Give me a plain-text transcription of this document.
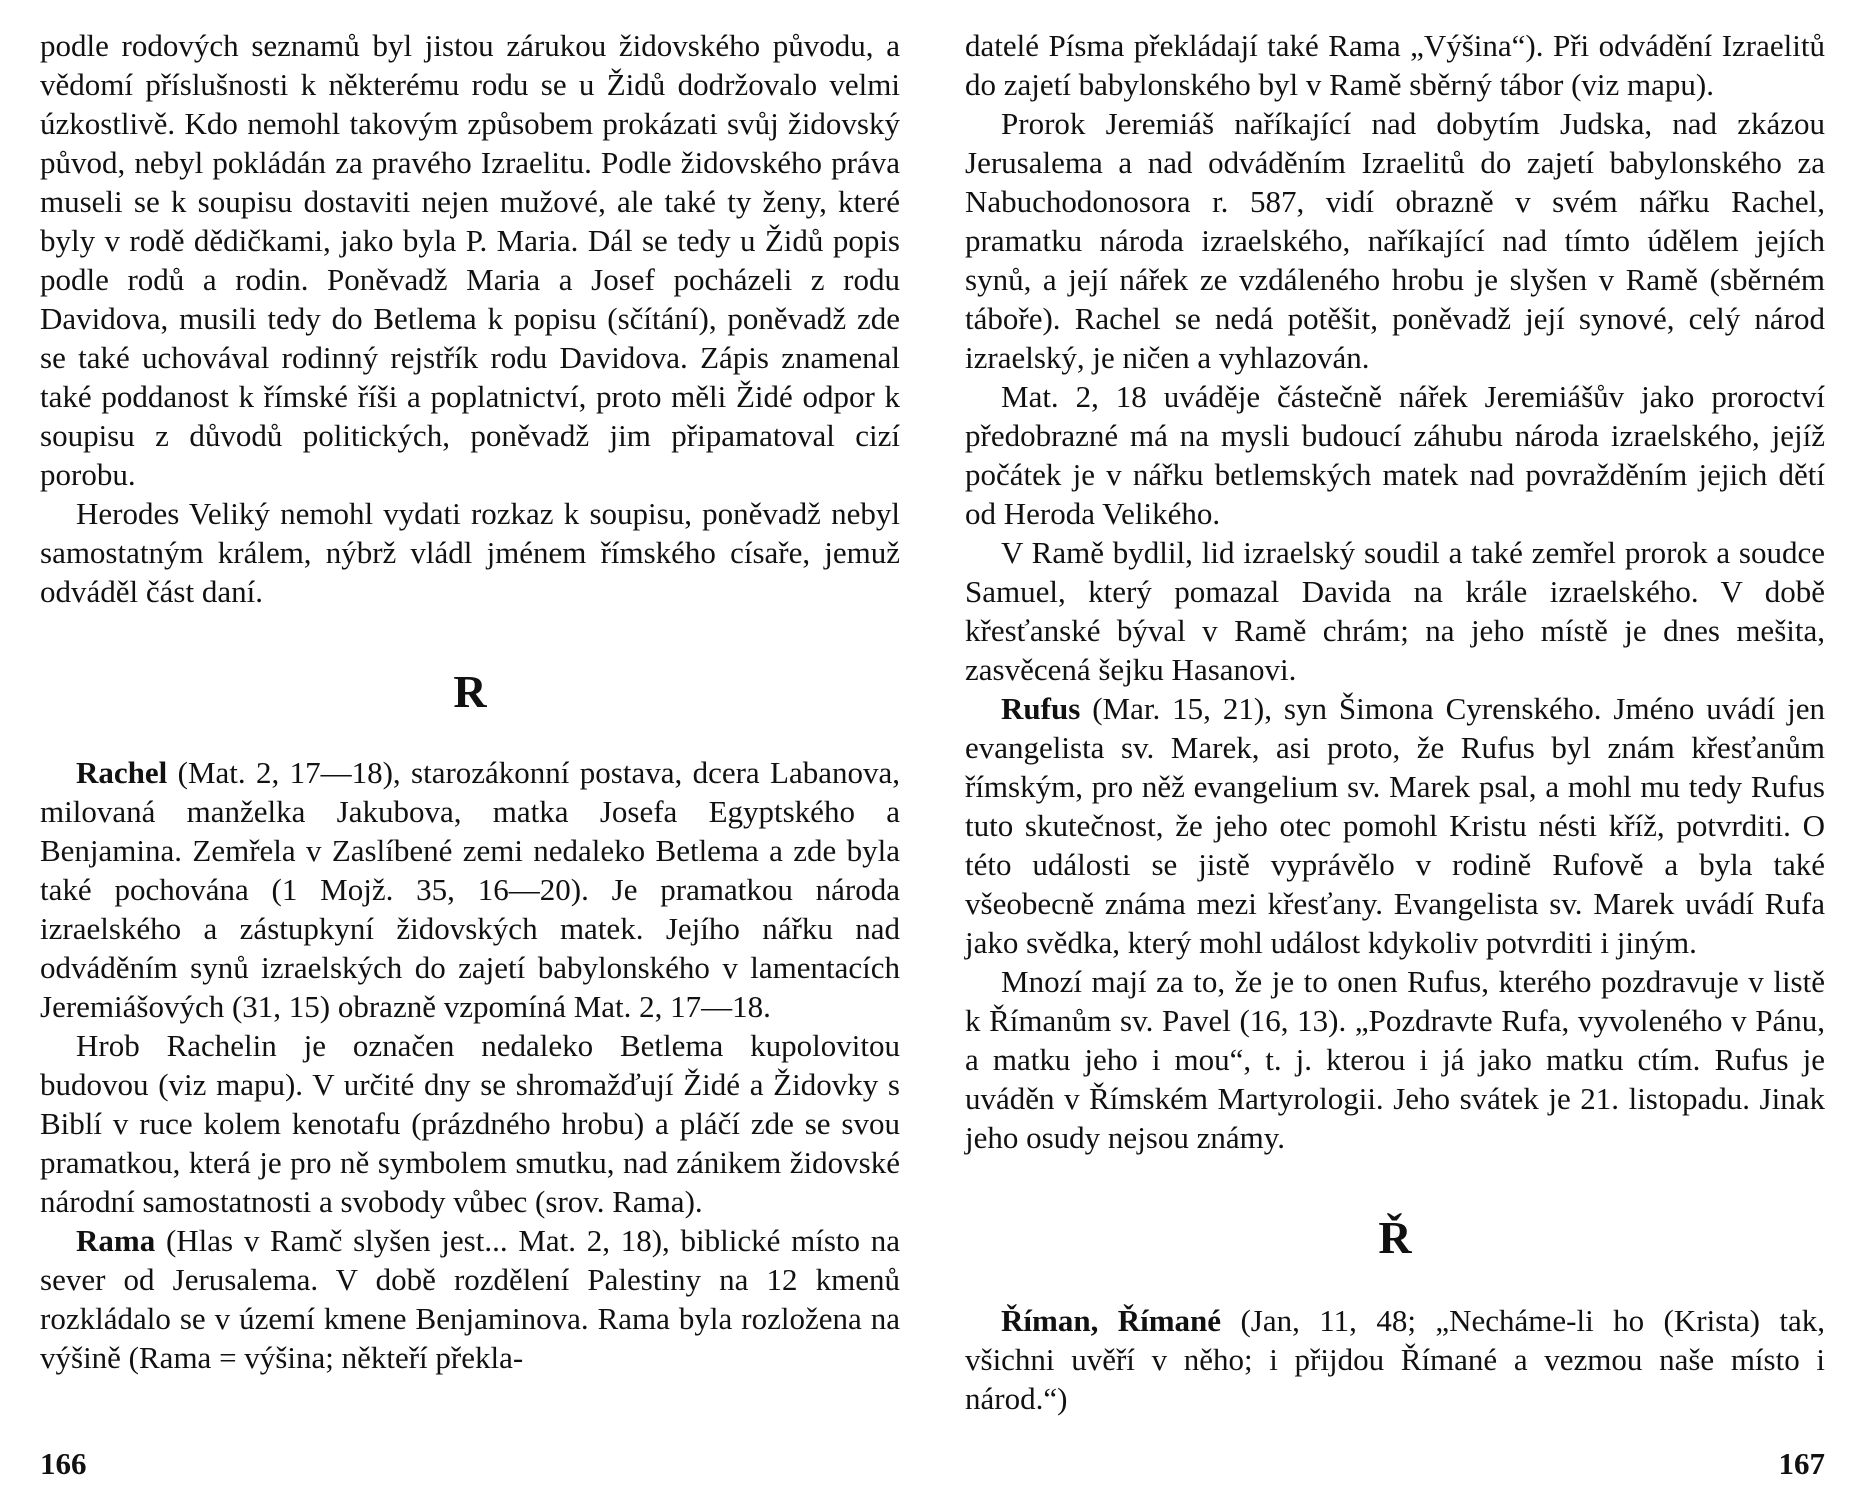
podle rodových seznamů byl jistou zárukou židovského původu, a vědomí příslušnosti k některému rodu se u Židů dodržovalo velmi úzkostlivě. Kdo nemohl takovým způsobem prokázati svůj židovský původ, nebyl pokládán za pravého Izraelitu. Podle židovského práva museli se k soupisu dostaviti nejen mužové, ale také ty ženy, které byly v rodě dědičkami, jako byla P. Maria. Dál se tedy u Židů popis podle rodů a rodin. Poněvadž Maria a Josef pocházeli z rodu Davidova, musili tedy do Betlema k popisu (sčítání), poněvadž zde se také uchovával rodinný rejstřík rodu Davidova. Zápis znamenal také poddanost k římské říši a poplatnictví, proto měli Židé odpor k soupisu z důvodů politických, poněvadž jim připamatoval cizí porobu.

Herodes Veliký nemohl vydati rozkaz k soupisu, poněvadž nebyl samostatným králem, nýbrž vládl jménem římského císaře, jemuž odváděl část daní.

R

Rachel (Mat. 2, 17—18), starozákonní postava, dcera Labanova, milovaná manželka Jakubova, matka Josefa Egyptského a Benjamina. Zemřela v Zaslíbené zemi nedaleko Betlema a zde byla také pochována (1 Mojž. 35, 16—20). Je pramatkou národa izraelského a zástupkyní židovských matek. Jejího nářku nad odváděním synů izraelských do zajetí babylonského v lamentacích Jeremiášových (31, 15) obrazně vzpomíná Mat. 2, 17—18.

Hrob Rachelin je označen nedaleko Betlema kupolovitou budovou (viz mapu). V určité dny se shromažďují Židé a Židovky s Biblí v ruce kolem kenotafu (prázdného hrobu) a pláčí zde se svou pramatkou, která je pro ně symbolem smutku, nad zánikem židovské národní samostatnosti a svobody vůbec (srov. Rama).

Rama (Hlas v Ramč slyšen jest... Mat. 2, 18), biblické místo na sever od Jerusalema. V době rozdělení Palestiny na 12 kmenů rozkládalo se v území kmene Benjaminova. Rama byla rozložena na výšině (Rama = výšina; někteří překla-

166

datelé Písma překládají také Rama „Výšina“). Při odvádění Izraelitů do zajetí babylonského byl v Ramě sběrný tábor (viz mapu).

Prorok Jeremiáš naříkající nad dobytím Judska, nad zkázou Jerusalema a nad odváděním Izraelitů do zajetí babylonského za Nabuchodonosora r. 587, vidí obrazně v svém nářku Rachel, pramatku národa izraelského, naříkající nad tímto údělem jejích synů, a její nářek ze vzdáleného hrobu je slyšen v Ramě (sběrném táboře). Rachel se nedá potěšit, poněvadž její synové, celý národ izraelský, je ničen a vyhlazován.

Mat. 2, 18 uváděje částečně nářek Jeremiášův jako proroctví předobrazné má na mysli budoucí záhubu národa izraelského, jejíž počátek je v nářku betlemských matek nad povražděním jejich dětí od Heroda Velikého.

V Ramě bydlil, lid izraelský soudil a také zemřel prorok a soudce Samuel, který pomazal Davida na krále izraelského. V době křesťanské býval v Ramě chrám; na jeho místě je dnes mešita, zasvěcená šejku Hasanovi.

Rufus (Mar. 15, 21), syn Šimona Cyrenského. Jméno uvádí jen evangelista sv. Marek, asi proto, že Rufus byl znám křesťanům římským, pro něž evangelium sv. Marek psal, a mohl mu tedy Rufus tuto skutečnost, že jeho otec pomohl Kristu nésti kříž, potvrditi. O této události se jistě vyprávělo v rodině Rufově a byla také všeobecně známa mezi křesťany. Evangelista sv. Marek uvádí Rufa jako svědka, který mohl událost kdykoliv potvrditi i jiným.

Mnozí mají za to, že je to onen Rufus, kterého pozdravuje v listě k Římanům sv. Pavel (16, 13). „Pozdravte Rufa, vyvoleného v Pánu, a matku jeho i mou“, t. j. kterou i já jako matku ctím. Rufus je uváděn v Římském Martyrologii. Jeho svátek je 21. listopadu. Jinak jeho osudy nejsou známy.

Ř

Říman, Římané (Jan, 11, 48; „Necháme-li ho (Krista) tak, všichni uvěří v něho; i přijdou Římané a vezmou naše místo i národ.“)

167
